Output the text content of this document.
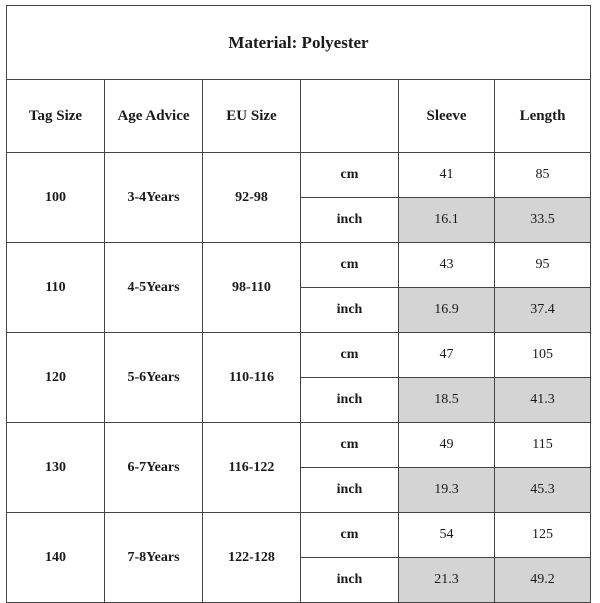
Material: Polyester					
Tag Size	Age Advice	EU Size		Sleeve	Length
100	3-4Years	92-98	cm	41	85
			inch	16.1	33.5
110	4-5Years	98-110	cm	43	95
			inch	16.9	37.4
120	5-6Years	110-116	cm	47	105
			inch	18.5	41.3
130	6-7Years	116-122	cm	49	115
			inch	19.3	45.3
140	7-8Years	122-128	cm	54	125
			inch	21.3	49.2
